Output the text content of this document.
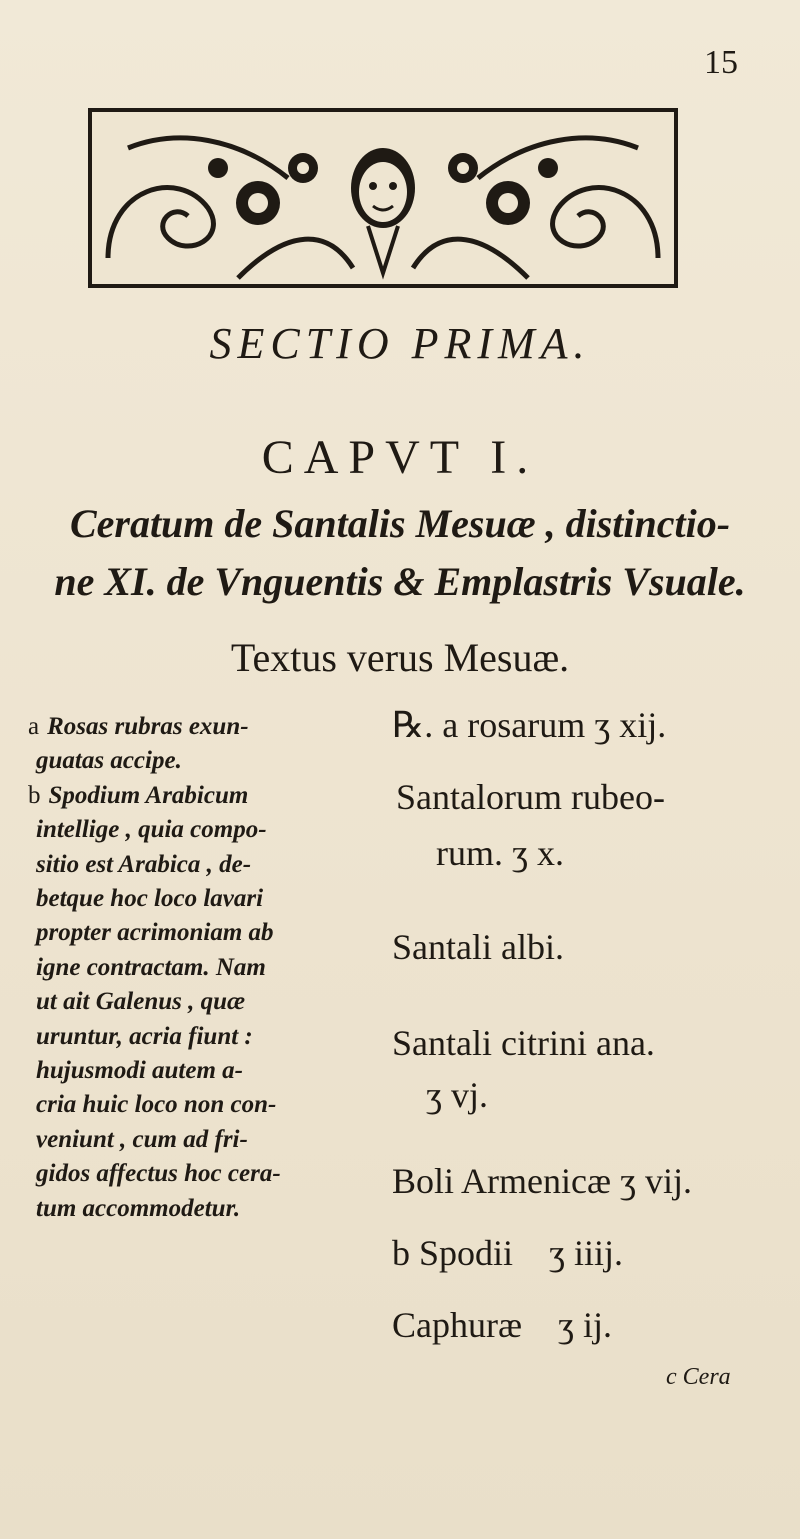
15
SECTIO PRIMA.
CAPVT I.
Ceratum de Santalis Mesuæ , distinctio-
ne XI. de Vnguentis & Emplastris Vsuale.
Textus verus Mesuæ.
a Rosas rubras exun-
guatas accipe.
b Spodium Arabicum
intellige , quia compo-
sitio est Arabica , de-
betque hoc loco lavari
propter acrimoniam ab
igne contractam. Nam
ut ait Galenus , quæ
uruntur, acria fiunt :
hujusmodi autem a-
cria huic loco non con-
veniunt , cum ad fri-
gidos affectus hoc cera-
tum accommodetur.
℞. a rosarum ʒ xij.
Santalorum rubeo-
rum. ʒ x.
Santali albi.
Santali citrini ana.
ʒ vj.
Boli Armenicæ ʒ vij.
b Spodii    ʒ iiij.
Caphuræ    ʒ ij.
c Cera
